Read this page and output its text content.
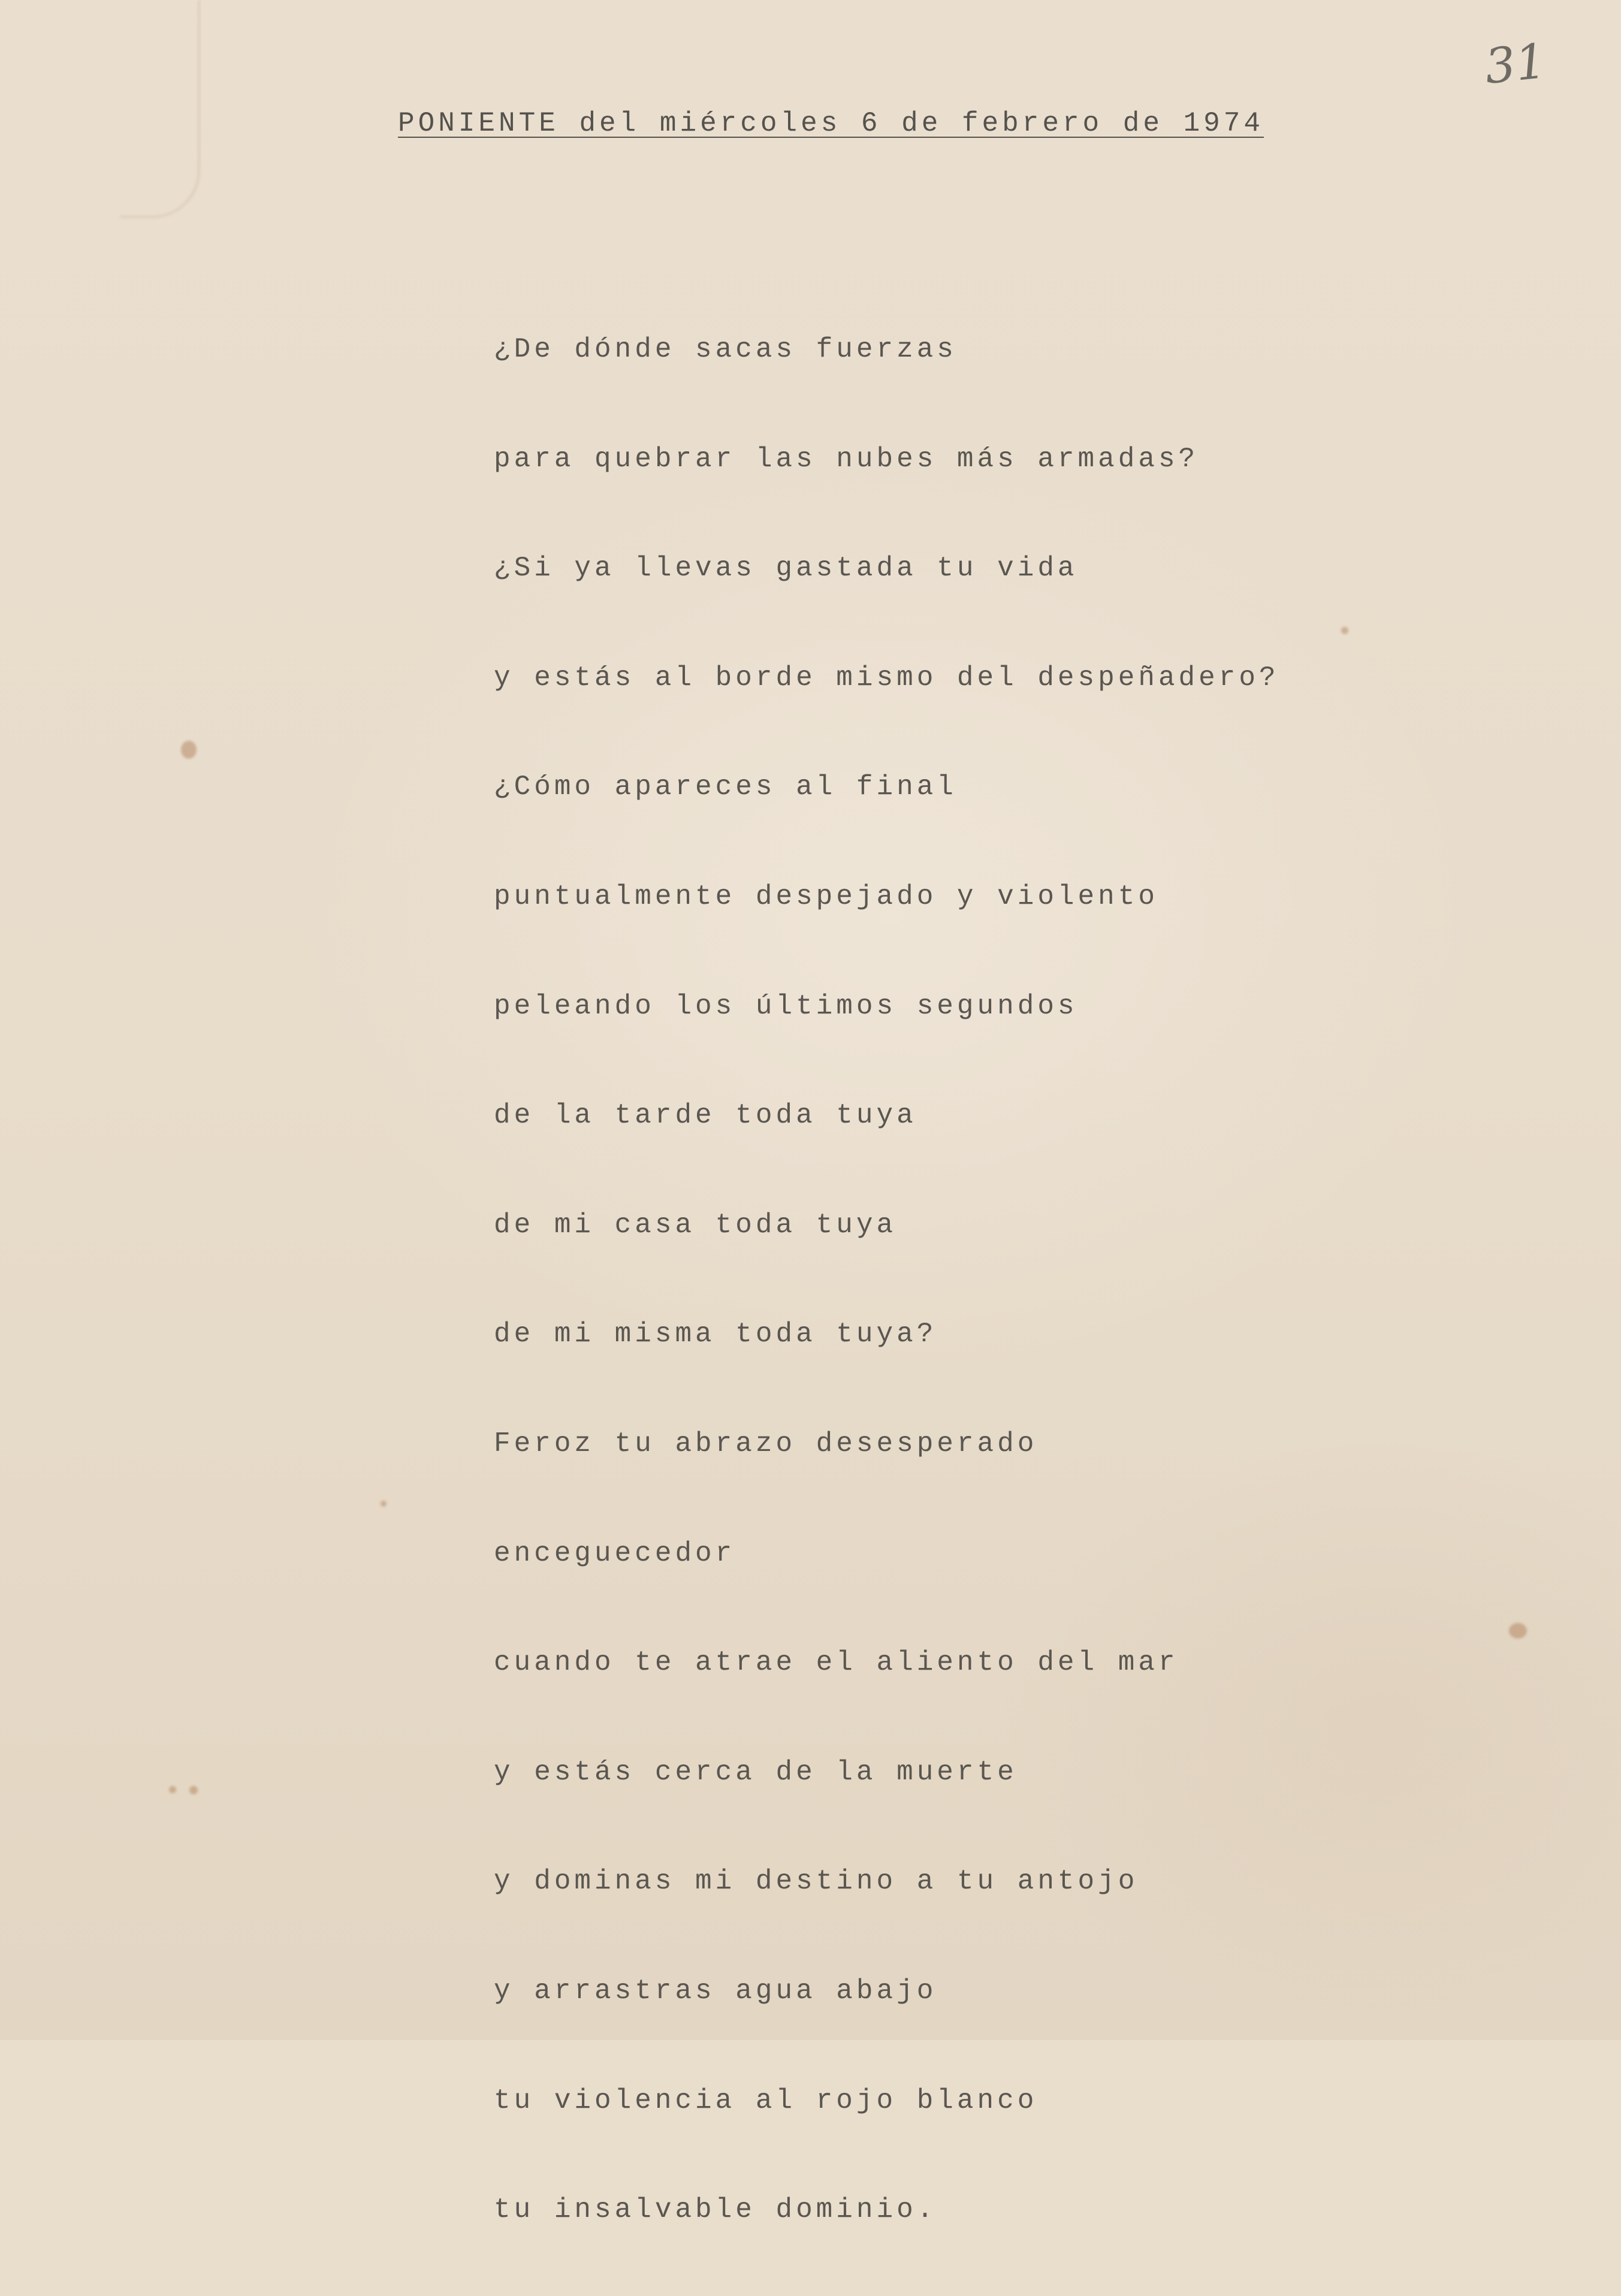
31
PONIENTE del miércoles 6 de febrero de 1974

¿De dónde sacas fuerzas

para quebrar las nubes más armadas?

¿Si ya llevas gastada tu vida

y estás al borde mismo del despeñadero?

¿Cómo apareces al final

puntualmente despejado y violento

peleando los últimos segundos

de la tarde toda tuya

de mi casa toda tuya

de mi misma toda tuya?

Feroz tu abrazo desesperado

enceguecedor

cuando te atrae el aliento del mar

y estás cerca de la muerte

y dominas mi destino a tu antojo

y arrastras agua abajo

tu violencia al rojo blanco

tu insalvable dominio.
